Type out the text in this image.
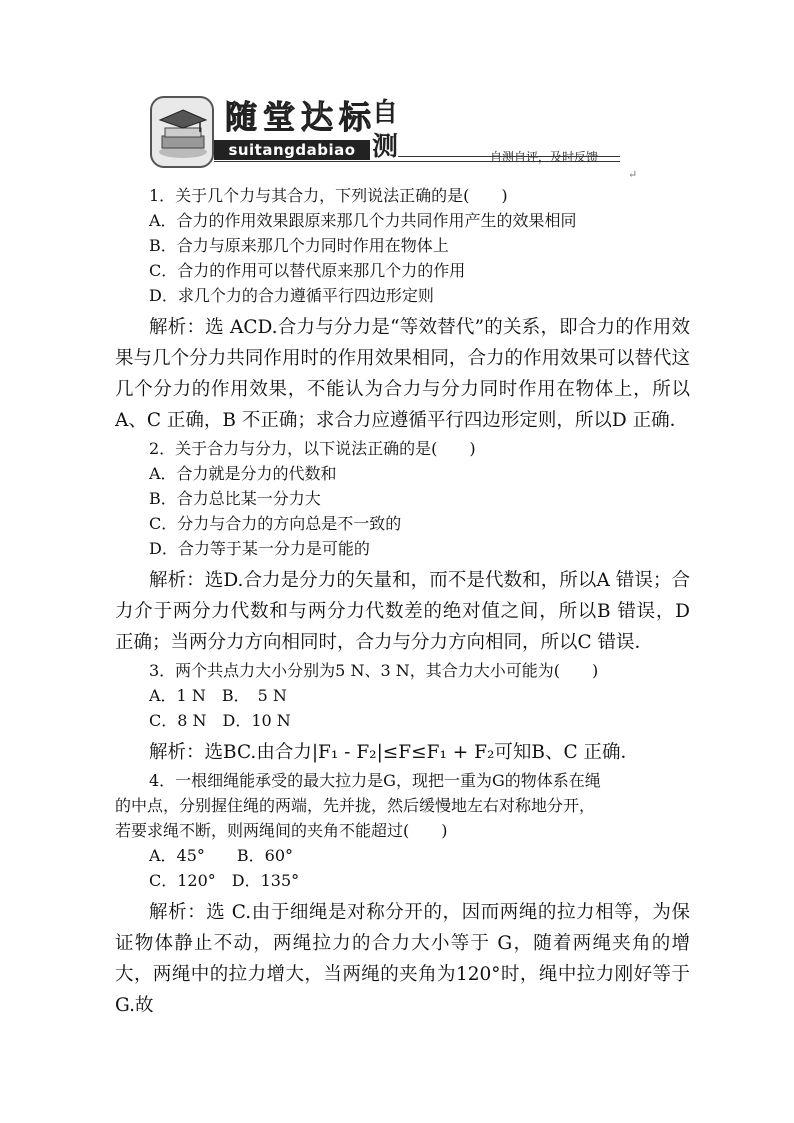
随 堂 达 标
suitangdabiao
自
测	自测自评，及时反馈
↵
1．关于几个力与其合力，下列说法正确的是(　　)
A．合力的作用效果跟原来那几个力共同作用产生的效果相同
B．合力与原来那几个力同时作用在物体上
C．合力的作用可以替代原来那几个力的作用
D．求几个力的合力遵循平行四边形定则

解析：选 ACD.合力与分力是“等效替代”的关系，即合力的作用效果与几个分力共同作用时的作用效果相同，合力的作用效果可以替代这几个分力的作用效果，不能认为合力与分力同时作用在物体上，所以A、C 正确，B 不正确；求合力应遵循平行四边形定则，所以D 正确．

2．关于合力与分力，以下说法正确的是(　　)
A．合力就是分力的代数和
B．合力总比某一分力大
C．分力与合力的方向总是不一致的
D．合力等于某一分力是可能的

解析：选D.合力是分力的矢量和，而不是代数和，所以A 错误；合力介于两分力代数和与两分力代数差的绝对值之间，所以B 错误，D 正确；当两分力方向相同时，合力与分力方向相同，所以C 错误．

3．两个共点力大小分别为5 N、3 N，其合力大小可能为(　　)
A．1 N　B．　5 N
C．8 N　D．10 N

解析：选BC.由合力|F₁ - F₂|≤F≤F₁ + F₂可知B、C 正确．

4．一根细绳能承受的最大拉力是G，现把一重为G的物体系在绳
的中点，分别握住绳的两端，先并拢，然后缓慢地左右对称地分开，
若要求绳不断，则两绳间的夹角不能超过(　　)
A．45°　　B．60°
C．120°　D．135°

解析：选 C.由于细绳是对称分开的，因而两绳的拉力相等，为保证物体静止不动，两绳拉力的合力大小等于 G，随着两绳夹角的增大，两绳中的拉力增大，当两绳的夹角为120°时，绳中拉力刚好等于G.故
